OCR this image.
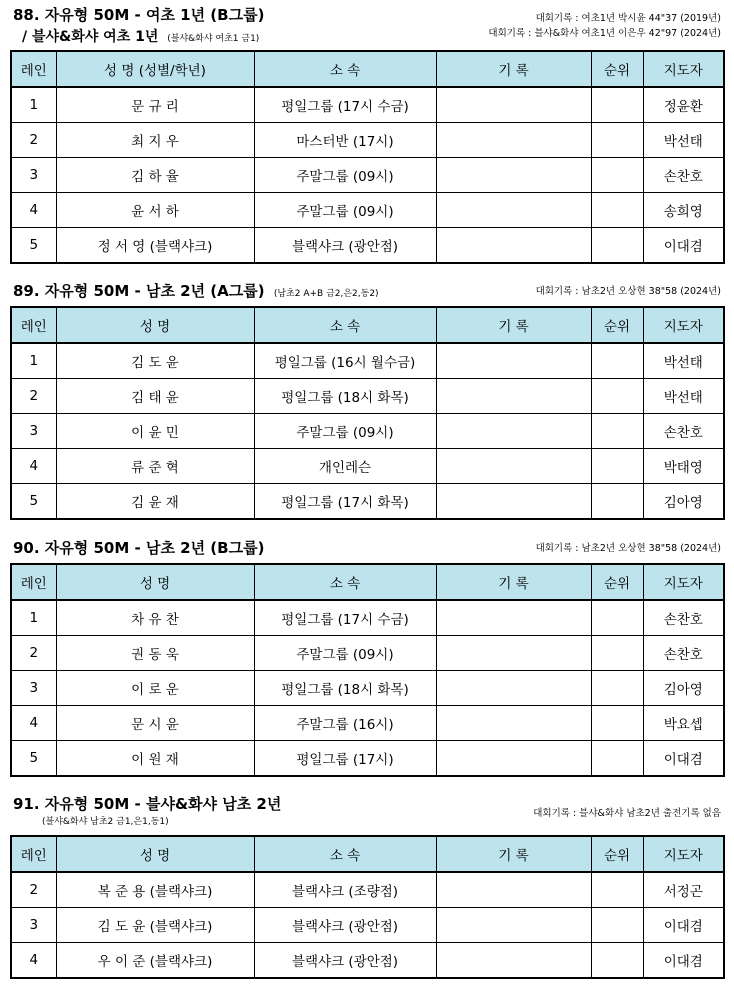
88. 자유형 50M - 여초 1년 (B그룹)
/ 블샤&화샤 여초 1년 (블샤&화샤 여초1 금1)
대회기록 : 여초1년 박시윤 44"37 (2019년)
대회기록 : 블샤&화샤 여초1년 이은우 42"97 (2024년)
레인	성 명 (성별/학년)	소 속	기 록	순위	지도자
1	문 규 리	평일그룹 (17시 수금)			정윤환
2	최 지 우	마스터반 (17시)			박선태
3	김 하 율	주말그룹 (09시)			손찬호
4	윤 서 하	주말그룹 (09시)			송희영
5	정 서 영 (블랙샤크)	블랙샤크 (광안점)			이대겸
89. 자유형 50M - 남초 2년 (A그룹) (남초2 A+B 금2,은2,동2)	대회기록 : 남초2년 오상현 38"58 (2024년)
레인	성 명	소 속	기 록	순위	지도자
1	김 도 윤	평일그룹 (16시 월수금)			박선태
2	김 태 윤	평일그룹 (18시 화목)			박선태
3	이 윤 민	주말그룹 (09시)			손찬호
4	류 준 혁	개인레슨			박태영
5	김 윤 재	평일그룹 (17시 화목)			김아영
90. 자유형 50M - 남초 2년 (B그룹)	대회기록 : 남초2년 오상현 38"58 (2024년)
레인	성 명	소 속	기 록	순위	지도자
1	차 유 찬	평일그룹 (17시 수금)			손찬호
2	권 동 욱	주말그룹 (09시)			손찬호
3	이 로 운	평일그룹 (18시 화목)			김아영
4	문 시 윤	주말그룹 (16시)			박요셉
5	이 원 재	평일그룹 (17시)			이대겸
91. 자유형 50M - 블샤&화샤 남초 2년
(블샤&화샤 남초2 금1,은1,동1)
대회기록 : 블샤&화샤 남초2년 출전기록 없음
레인	성 명	소 속	기 록	순위	지도자
2	복 준 용 (블랙샤크)	블랙샤크 (조량점)			서정곤
3	김 도 윤 (블랙샤크)	블랙샤크 (광안점)			이대겸
4	우 이 준 (블랙샤크)	블랙샤크 (광안점)			이대겸
